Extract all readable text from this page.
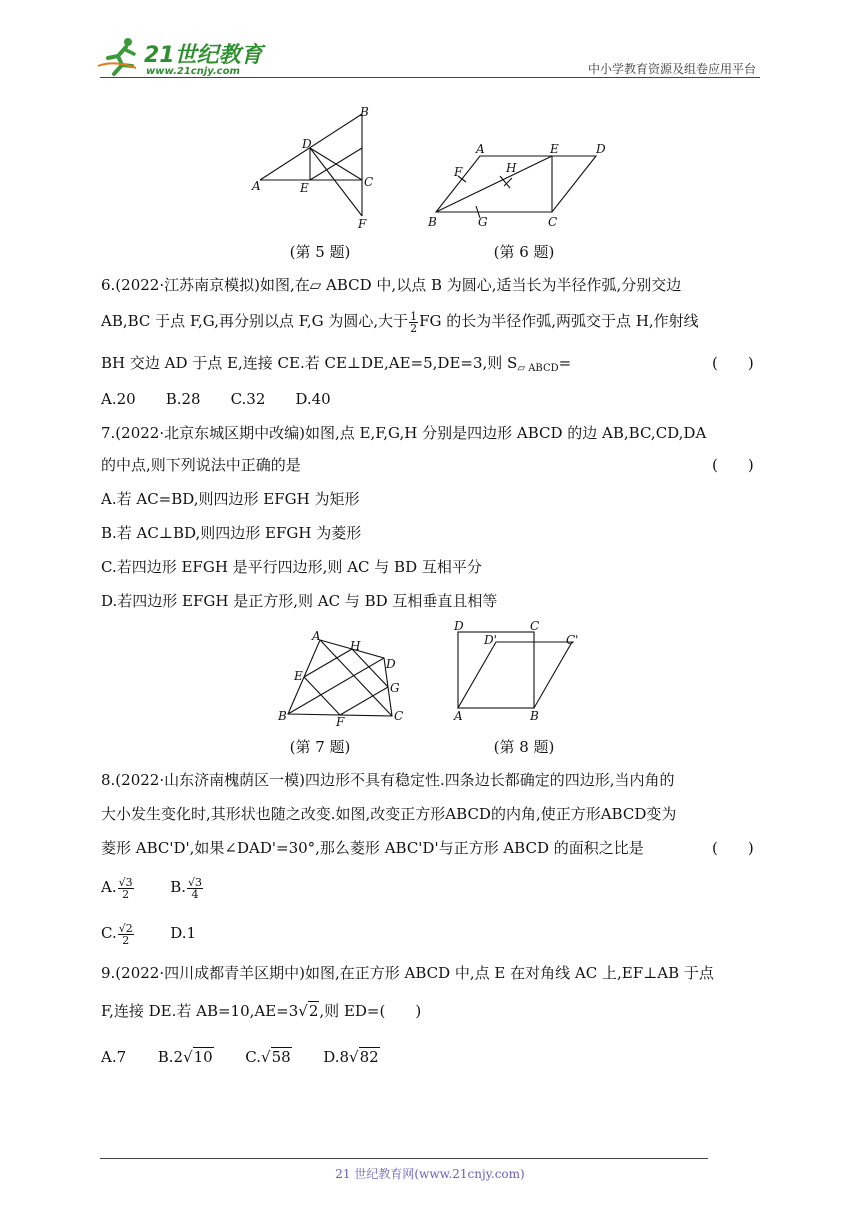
21世纪教育
www.21cnjy.com	中小学教育资源及组卷应用平台
A
B
C
D
E
F
(第 5 题)
A
B	C
D
E
F
G
H
(第 6 题)
6.(2022·江苏南京模拟)如图,在▱ ABCD 中,以点 B 为圆心,适当长为半径作弧,分别交边
AB,BC 于点 F,G,再分别以点 F,G 为圆心,大于 $\frac{1}{2}$ FG 的长为半径作弧,两弧交于点 H,作射线
BH 交边 AD 于点 E,连接 CE.若 CE⊥DE,AE=5,DE=3,则 $S_{▱ ABCD}=$	(　　)
A.20　　B.28　　C.32　　D.40
7.(2022·北京东城区期中改编)如图,点 E,F,G,H 分别是四边形 ABCD 的边 AB,BC,CD,DA
的中点,则下列说法中正确的是	(　　)
A.若 AC=BD,则四边形 EFGH 为矩形
B.若 AC⊥BD,则四边形 EFGH 为菱形
C.若四边形 EFGH 是平行四边形,则 AC 与 BD 互相平分
D.若四边形 EFGH 是正方形,则 AC 与 BD 互相垂直且相等
A
B	C
D
E
F
G
H
(第 7 题)
D	C
D'	C'
A	B
(第 8 题)
8.(2022·山东济南槐荫区一模)四边形不具有稳定性.四条边长都确定的四边形,当内角的
大小发生变化时,其形状也随之改变.如图,改变正方形ABCD的内角,使正方形ABCD变为
菱形 ABC'D',如果∠DAD'=30°,那么菱形 ABC'D'与正方形 ABCD 的面积之比是	(　　)
A. $\frac{√3}{2} B$. $\frac{√3}{4}$
C. $\frac{√2}{2} D.1$
9.(2022·四川成都青羊区期中)如图,在正方形 ABCD 中,点 E 在对角线 AC 上,EF⊥AB 于点
F,连接 DE.若 AB=10,AE=3√2,则 ED=(　　)
A.7 B.2√10 C.√58 D.8√82
21 世纪教育网(www.21cnjy.com)
